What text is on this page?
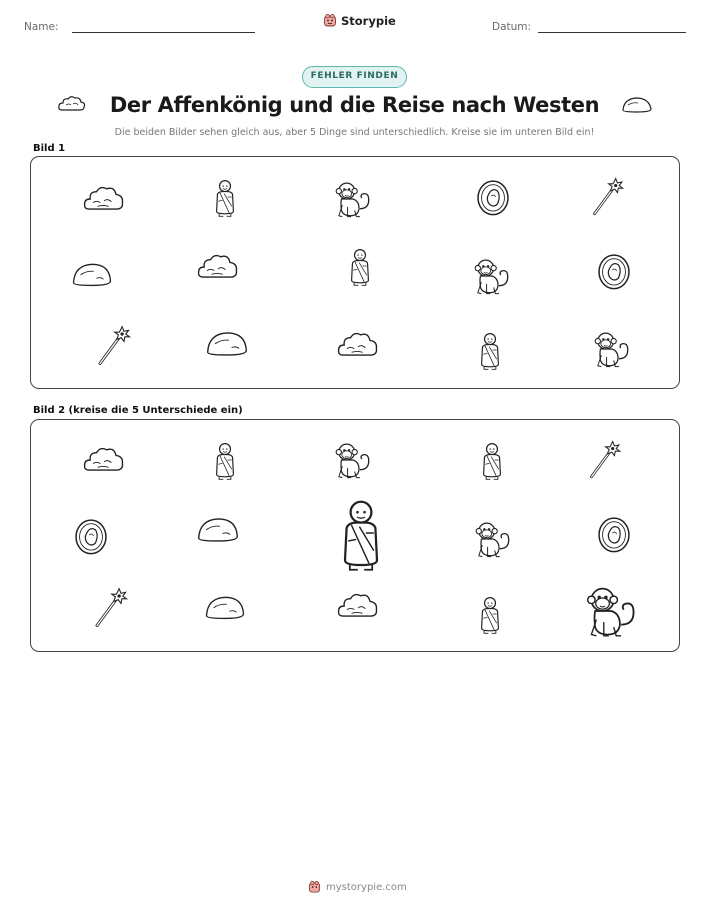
Name:	Storypie	Datum:
FEHLER FINDEN
Der Affenkönig und die Reise nach Westen
Die beiden Bilder sehen gleich aus, aber 5 Dinge sind unterschiedlich. Kreise sie im unteren Bild ein!
Bild 1
Bild 2 (kreise die 5 Unterschiede ein)
mystorypie.com
